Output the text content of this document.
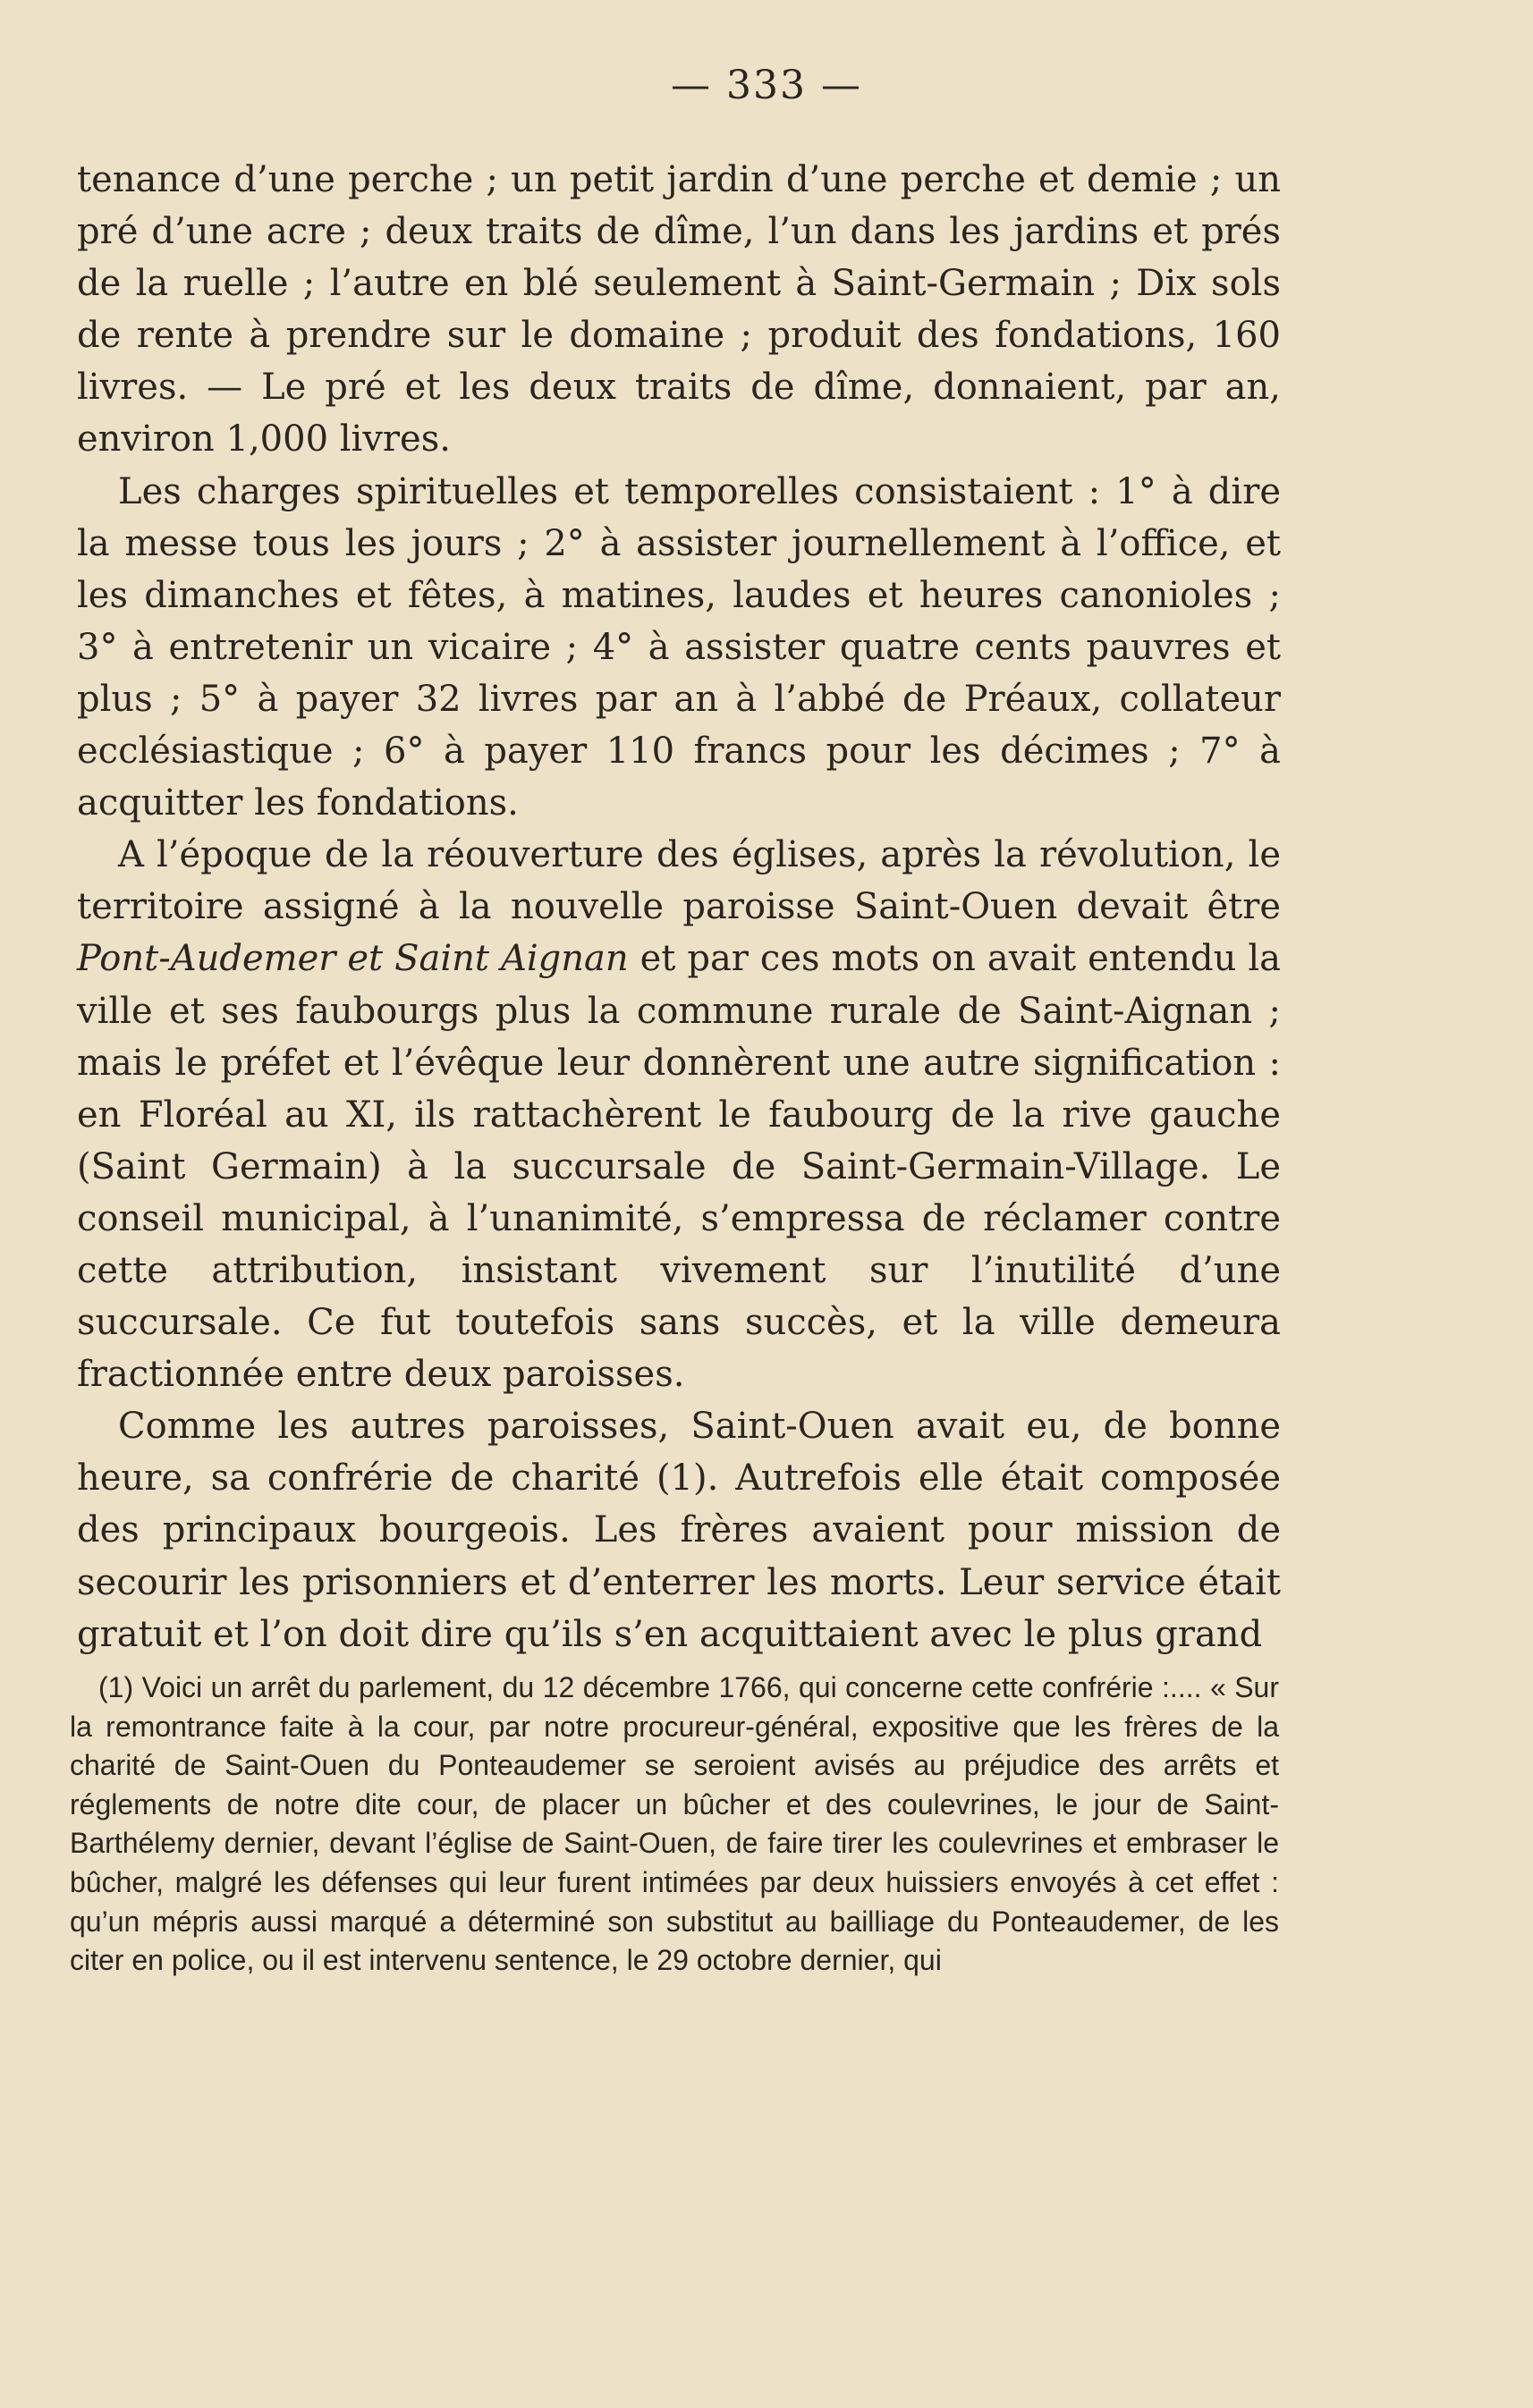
— 333 —

tenance d’une perche ; un petit jardin d’une perche et demie ; un pré d’une acre ; deux traits de dîme, l’un dans les jardins et prés de la ruelle ; l’autre en blé seulement à Saint-Germain ; Dix sols de rente à prendre sur le domaine ; produit des fondations, 160 livres. — Le pré et les deux traits de dîme, donnaient, par an, environ 1,000 livres.

Les charges spirituelles et temporelles consistaient : 1° à dire la messe tous les jours ; 2° à assister journellement à l’office, et les dimanches et fêtes, à matines, laudes et heures canonioles ; 3° à entretenir un vicaire ; 4° à assister quatre cents pauvres et plus ; 5° à payer 32 livres par an à l’abbé de Préaux, collateur ecclésiastique ; 6° à payer 110 francs pour les décimes ; 7° à acquitter les fondations.

A l’époque de la réouverture des églises, après la révolution, le territoire assigné à la nouvelle paroisse Saint-Ouen devait être Pont-Audemer et Saint Aignan et par ces mots on avait entendu la ville et ses faubourgs plus la commune rurale de Saint-Aignan ; mais le préfet et l’évêque leur donnèrent une autre signification : en Floréal au XI, ils rattachèrent le faubourg de la rive gauche (Saint Germain) à la succursale de Saint-Germain-Village. Le conseil municipal, à l’unanimité, s’empressa de réclamer contre cette attribution, insistant vivement sur l’inutilité d’une succursale. Ce fut toutefois sans succès, et la ville demeura fractionnée entre deux paroisses.

Comme les autres paroisses, Saint-Ouen avait eu, de bonne heure, sa confrérie de charité (1). Autrefois elle était composée des principaux bourgeois. Les frères avaient pour mission de secourir les prisonniers et d’enterrer les morts. Leur service était gratuit et l’on doit dire qu’ils s’en acquittaient avec le plus grand

(1) Voici un arrêt du parlement, du 12 décembre 1766, qui concerne cette confrérie :.... « Sur la remontrance faite à la cour, par notre procureur-général, expositive que les frères de la charité de Saint-Ouen du Ponteaudemer se seroient avisés au préjudice des arrêts et réglements de notre dite cour, de placer un bûcher et des coulevrines, le jour de Saint-Barthélemy dernier, devant l’église de Saint-Ouen, de faire tirer les coulevrines et embraser le bûcher, malgré les défenses qui leur furent intimées par deux huissiers envoyés à cet effet : qu’un mépris aussi marqué a déterminé son substitut au bailliage du Ponteaudemer, de les citer en police, ou il est intervenu sentence, le 29 octobre dernier, qui
